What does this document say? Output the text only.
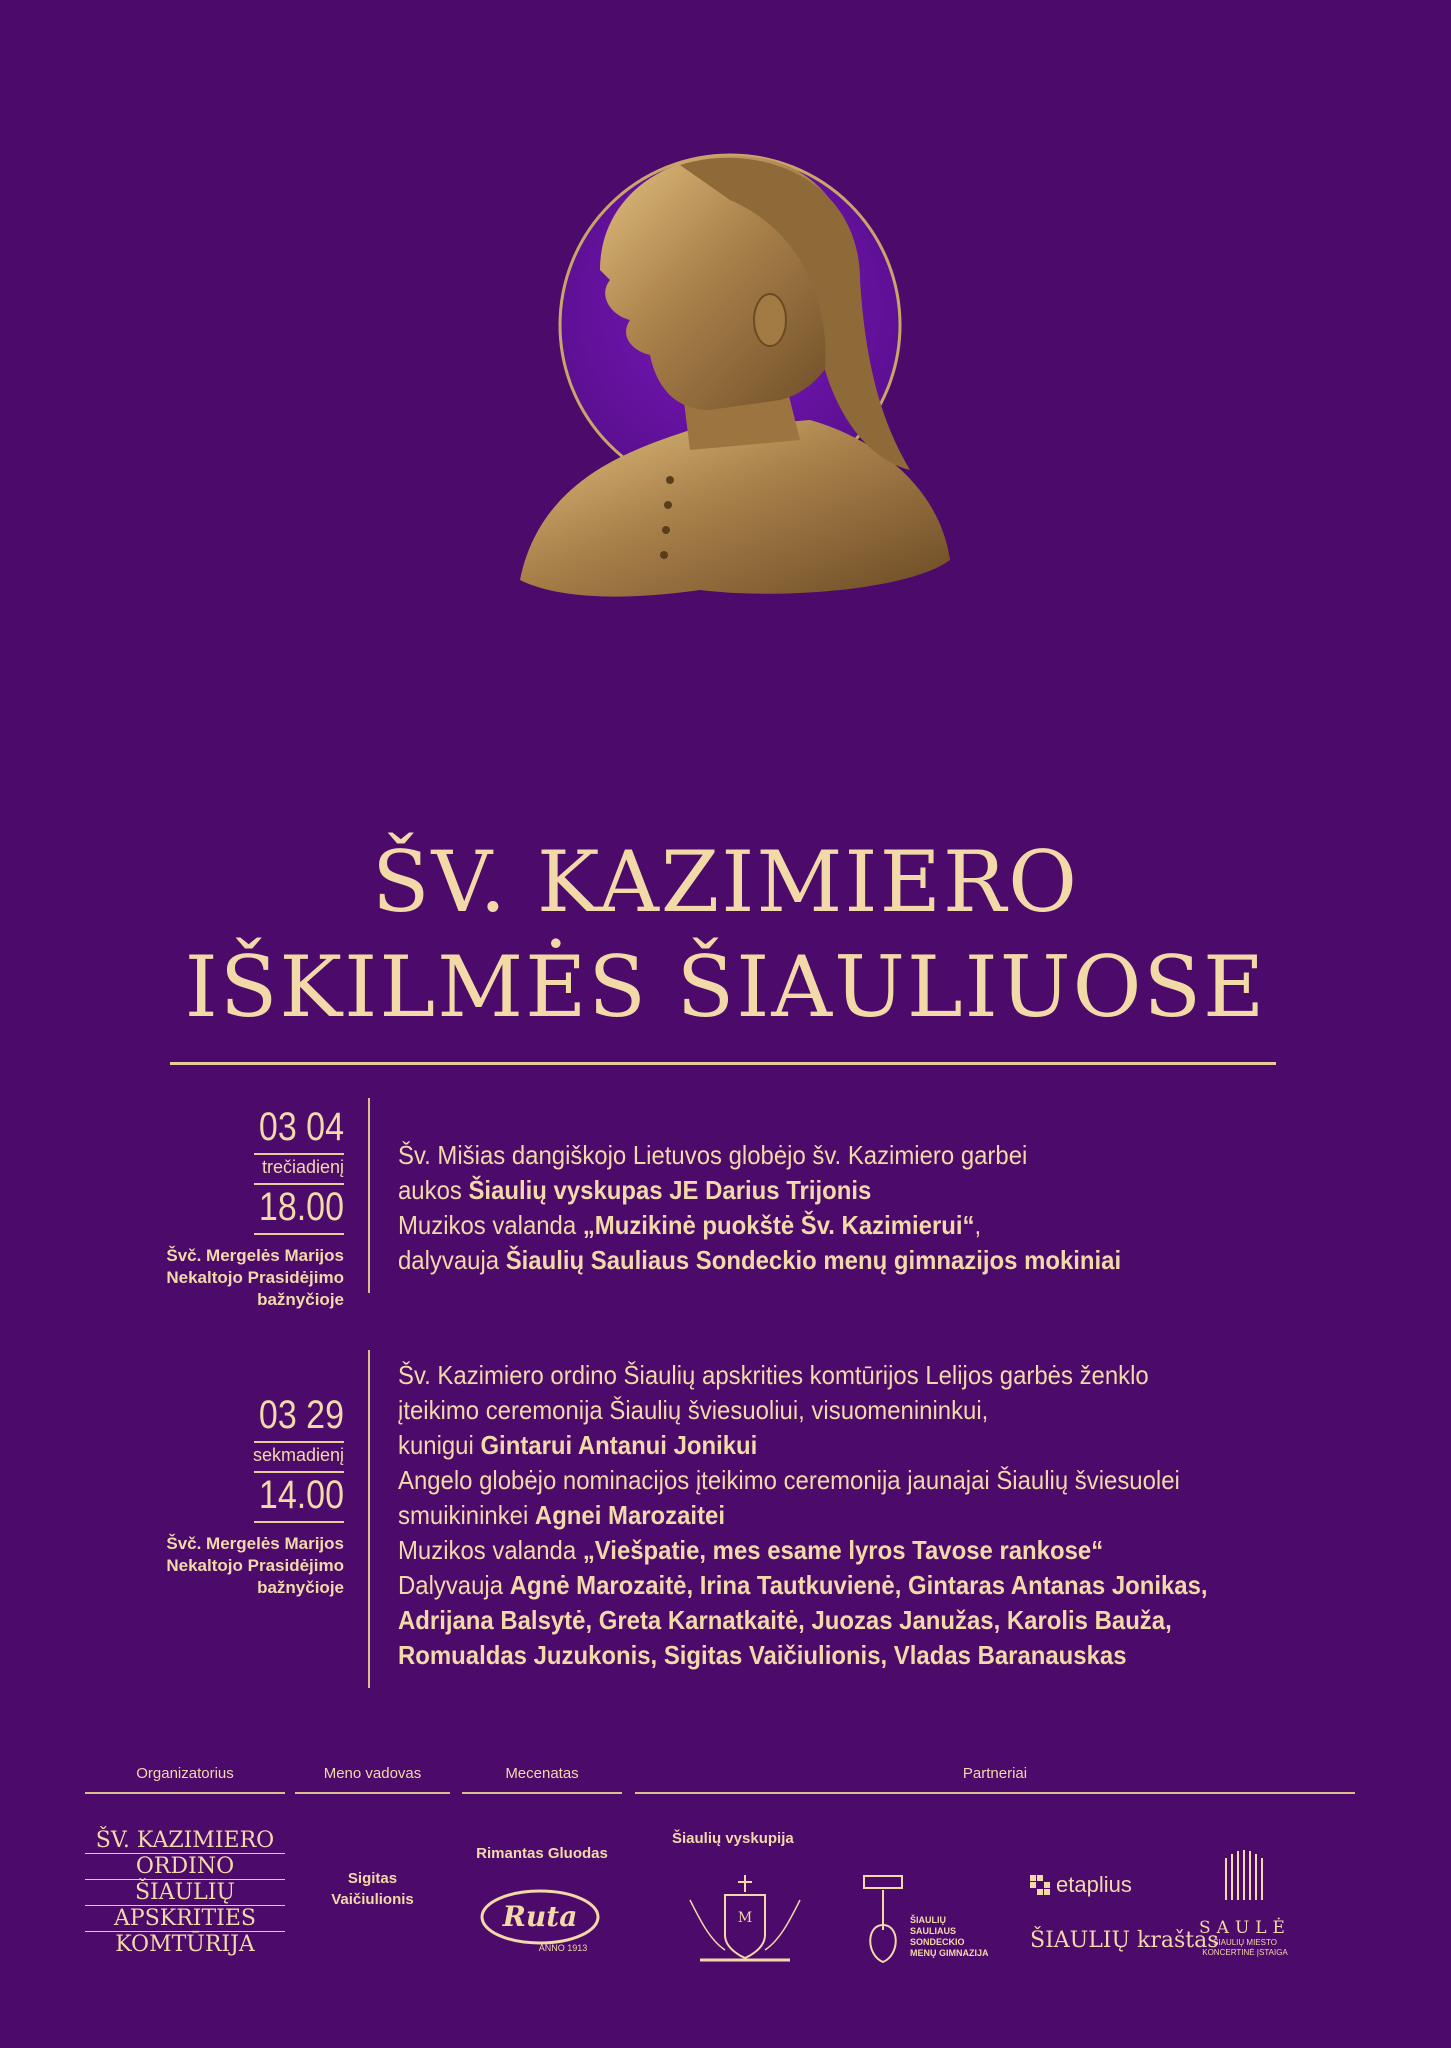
ŠV. KAZIMIERO
IŠKILMĖS ŠIAULIUOSE
03 04
trečiadienį
18.00
Švč. Mergelės Marijos
Nekaltojo Prasidėjimo
bažnyčioje
Šv. Mišias dangiškojo Lietuvos globėjo šv. Kazimiero garbei
aukos Šiaulių vyskupas JE Darius Trijonis
Muzikos valanda „Muzikinė puokštė Šv. Kazimierui“,
dalyvauja Šiaulių Sauliaus Sondeckio menų gimnazijos mokiniai
03 29
sekmadienį
14.00
Švč. Mergelės Marijos
Nekaltojo Prasidėjimo
bažnyčioje
Šv. Kazimiero ordino Šiaulių apskrities komtūrijos Lelijos garbės ženklo
įteikimo ceremonija Šiaulių šviesuoliui, visuomenininkui,
kunigui Gintarui Antanui Jonikui
Angelo globėjo nominacijos įteikimo ceremonija jaunajai Šiaulių šviesuolei
smuikininkei Agnei Marozaitei
Muzikos valanda „Viešpatie, mes esame lyros Tavose rankose“
Dalyvauja Agnė Marozaitė, Irina Tautkuvienė, Gintaras Antanas Jonikas,
Adrijana Balsytė, Greta Karnatkaitė, Juozas Janužas, Karolis Bauža,
Romualdas Juzukonis, Sigitas Vaičiulionis, Vladas Baranauskas
Organizatorius	Meno vadovas	Mecenatas	Partneriai
ŠV. KAZIMIERO
ORDINO
ŠIAULIŲ
APSKRITIES
KOMTŪRIJA
Sigitas
Vaičiulionis
Rimantas Gluodas
Ruta
ANNO 1913
Šiaulių vyskupija
M	ŠIAULIŲ
SAULIAUS
SONDECKIO
MENŲ GIMNAZIJA
etaplius
ŠIAULIŲ kraštas
SAULĖ
ŠIAULIŲ MIESTO
KONCERTINĖ ĮSTAIGA
